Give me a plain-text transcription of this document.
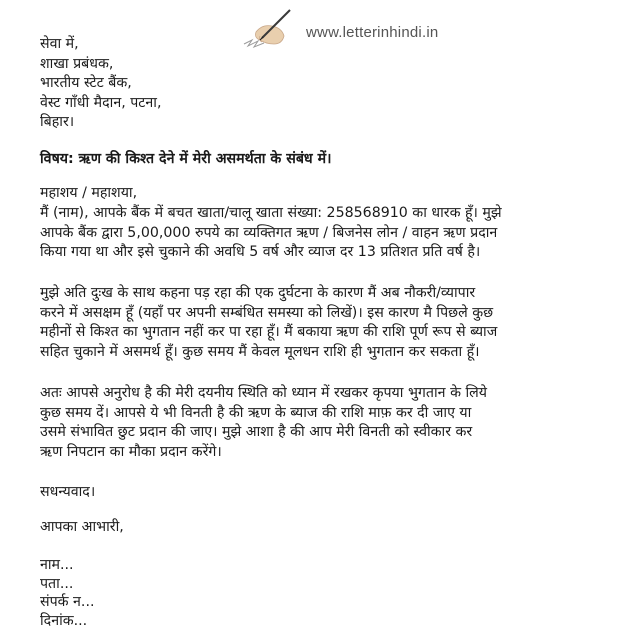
www.letterinhindi.in
सेवा में,
शाखा प्रबंधक,
भारतीय स्टेट बैंक,
वेस्ट गाँधी मैदान, पटना,
बिहार।
विषय: ऋण की किश्त देने में मेरी असमर्थता के संबंध में।
महाशय / महाशया,
मैं (नाम), आपके बैंक में बचत खाता/चालू खाता संख्या: 258568910 का धारक हूँ। मुझे
आपके बैंक द्वारा 5,00,000 रुपये का व्यक्तिगत ऋण / बिजनेस लोन / वाहन ऋण प्रदान
किया गया था और इसे चुकाने की अवधि 5 वर्ष और व्याज दर 13 प्रतिशत प्रति वर्ष है।
मुझे अति दुःख के साथ कहना पड़ रहा की एक दुर्घटना के कारण मैं अब नौकरी/व्यापार
करने में असक्षम हूँ (यहाँ पर अपनी सम्बंधित समस्या को लिखें)। इस कारण मै पिछले कुछ
महीनों से किश्त का भुगतान नहीं कर पा रहा हूँ। मैं बकाया ऋण की राशि पूर्ण रूप से ब्याज
सहित चुकाने में असमर्थ हूँ। कुछ समय मैं केवल मूलधन राशि ही भुगतान कर सकता हूँ।
अतः आपसे अनुरोध है की मेरी दयनीय स्थिति को ध्यान में रखकर कृपया भुगतान के लिये
कुछ समय दें। आपसे ये भी विनती है की ऋण के ब्याज की राशि माफ़ कर दी जाए या
उसमे संभावित छुट प्रदान की जाए। मुझे आशा है की आप मेरी विनती को स्वीकार कर
ऋण निपटान का मौका प्रदान करेंगे।
सधन्यवाद।
आपका आभारी,
नाम...
पता...
संपर्क न...
दिनांक...
